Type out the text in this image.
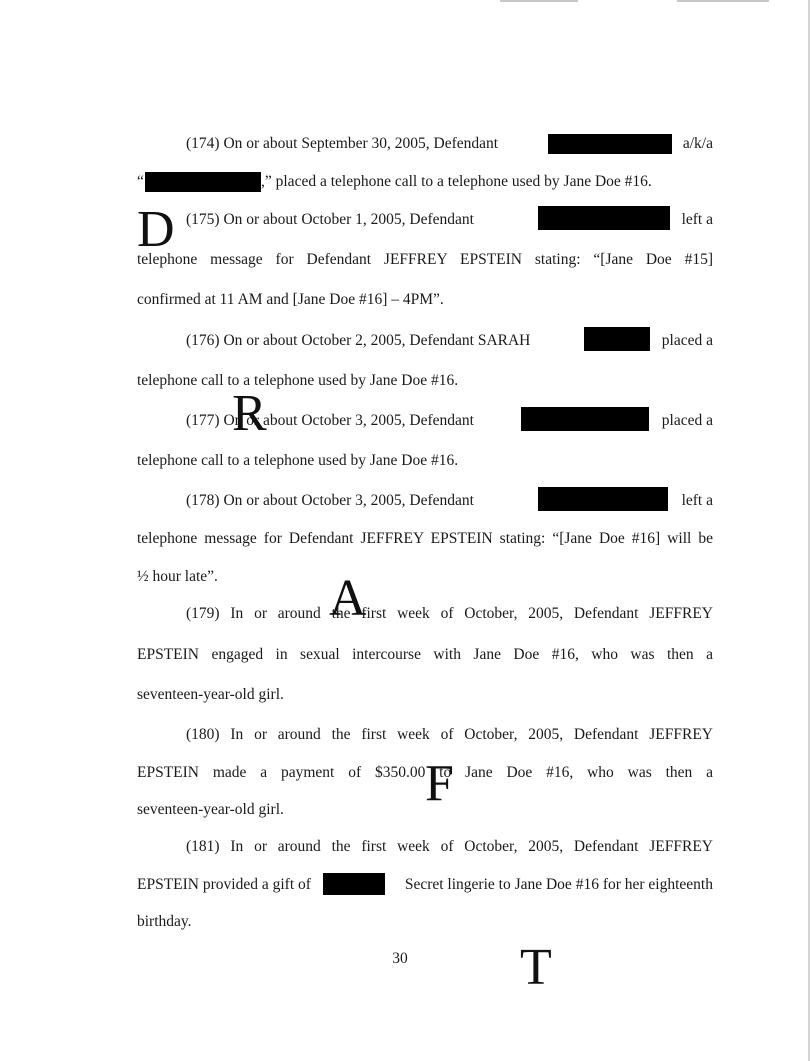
(174) On or about September 30, 2005, Defendant	a/k/a
“	,” placed a telephone call to a telephone used by Jane Doe #16.
(175) On or about October 1, 2005, Defendant	left a
telephone message for Defendant JEFFREY EPSTEIN stating: “[Jane Doe #15]
confirmed at 11 AM and [Jane Doe #16] – 4PM”.
(176) On or about October 2, 2005, Defendant SARAH	placed a
telephone call to a telephone used by Jane Doe #16.
(177) On or about October 3, 2005, Defendant	placed a
telephone call to a telephone used by Jane Doe #16.
(178) On or about October 3, 2005, Defendant	left a
telephone message for Defendant JEFFREY EPSTEIN stating: “[Jane Doe #16] will be
½ hour late”.
(179) In or around the first week of October, 2005, Defendant JEFFREY
EPSTEIN engaged in sexual intercourse with Jane Doe #16, who was then a
seventeen-year-old girl.
(180) In or around the first week of October, 2005, Defendant JEFFREY
EPSTEIN made a payment of $350.00 to Jane Doe #16, who was then a
seventeen-year-old girl.
(181) In or around the first week of October, 2005, Defendant JEFFREY
EPSTEIN provided a gift of	Secret lingerie to Jane Doe #16 for her eighteenth
birthday.
30
D
R
A
F
T
